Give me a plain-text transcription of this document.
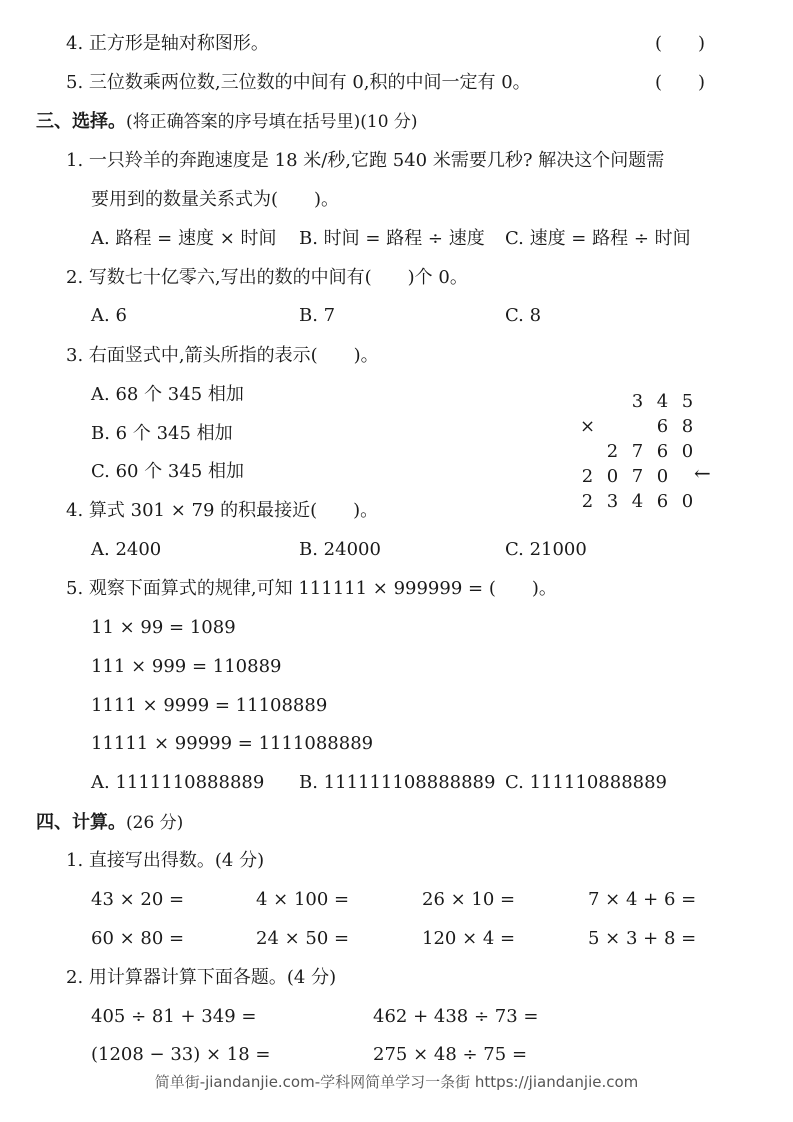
4. 正方形是轴对称图形。	(　　)
5. 三位数乘两位数,三位数的中间有 0,积的中间一定有 0。	(　　)
三、选择。(将正确答案的序号填在括号里)(10 分)
1. 一只羚羊的奔跑速度是 18 米/秒,它跑 540 米需要几秒? 解决这个问题需
要用到的数量关系式为(　　)。
A. 路程 = 速度 × 时间 B. 时间 = 路程 ÷ 速度 C. 速度 = 路程 ÷ 时间
2. 写数七十亿零六,写出的数的中间有(　　)个 0。
A. 6	B. 7	C. 8
3. 右面竖式中,箭头所指的表示(　　)。
A. 68 个 345 相加
B. 6 个 345 相加
C. 60 个 345 相加
3 4 5
×	6 8
2 7 6 0
2 0 7 0	←
2 3 4 6 0
4. 算式 301 × 79 的积最接近(　　)。
A. 2400	B. 24000	C. 21000
5. 观察下面算式的规律,可知 111111 × 999999 = (　　)。
11 × 99 = 1089
111 × 999 = 110889
1111 × 9999 = 11108889
11111 × 99999 = 1111088889
A. 1111110888889 B. 111111108888889 C. 111110888889
四、计算。(26 分)
1. 直接写出得数。(4 分)
43 × 20 =	4 × 100 =	26 × 10 =	7 × 4 + 6 =
60 × 80 =	24 × 50 =	120 × 4 =	5 × 3 + 8 =
2. 用计算器计算下面各题。(4 分)
405 ÷ 81 + 349 =	462 + 438 ÷ 73 =
(1208 − 33) × 18 =	275 × 48 ÷ 75 =
简单街-jiandanjie.com-学科网简单学习一条街 https://jiandanjie.com
